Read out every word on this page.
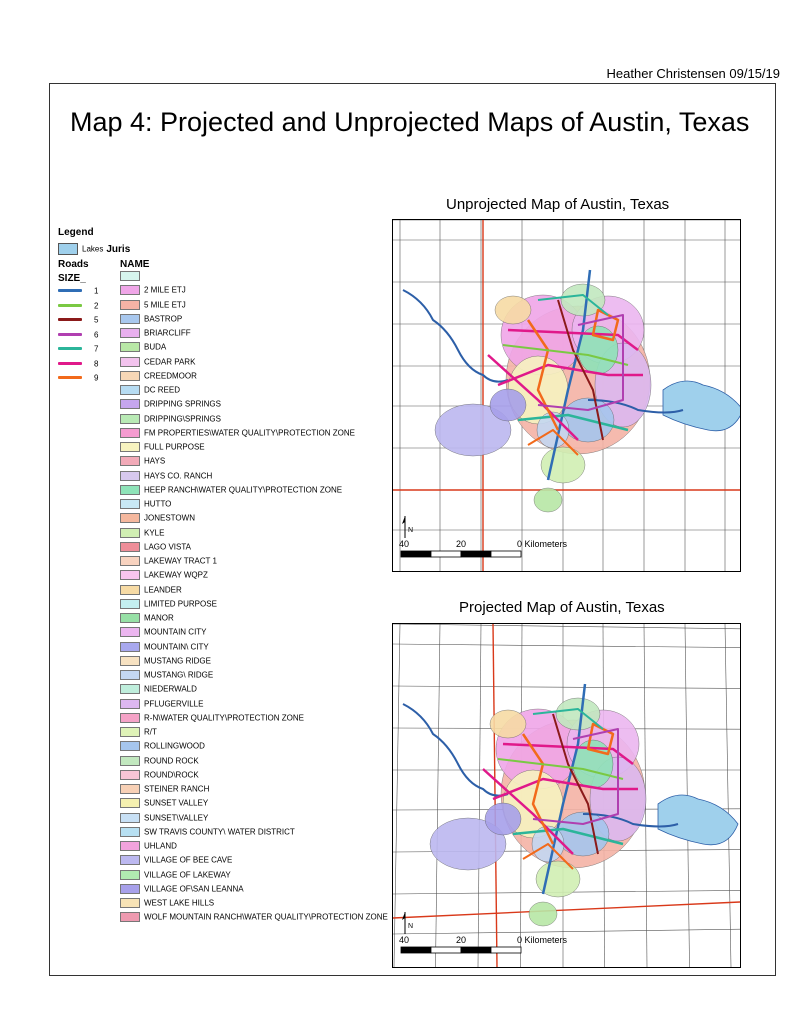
Heather Christensen 09/15/19
Map 4: Projected and Unprojected Maps of Austin, Texas
Legend
Lakes Juris
Roads
SIZE_
NAME
1
2
5
6
7
8
9
2 MILE ETJ
5 MILE ETJ
BASTROP
BRIARCLIFF
BUDA
CEDAR PARK
CREEDMOOR
DC REED
DRIPPING SPRINGS
DRIPPING\SPRINGS
FM PROPERTIES\WATER QUALITY\PROTECTION ZONE
FULL PURPOSE
HAYS
HAYS CO. RANCH
HEEP RANCH\WATER QUALITY\PROTECTION ZONE
HUTTO
JONESTOWN
KYLE
LAGO VISTA
LAKEWAY TRACT 1
LAKEWAY WQPZ
LEANDER
LIMITED PURPOSE
MANOR
MOUNTAIN CITY
MOUNTAIN\ CITY
MUSTANG RIDGE
MUSTANG\ RIDGE
NIEDERWALD
PFLUGERVILLE
R-N\WATER QUALITY\PROTECTION ZONE
R/T
ROLLINGWOOD
ROUND ROCK
ROUND\ROCK
STEINER RANCH
SUNSET VALLEY
SUNSET\VALLEY
SW TRAVIS COUNTY\ WATER DISTRICT
UHLAND
VILLAGE OF BEE CAVE
VILLAGE OF LAKEWAY
VILLAGE OF\SAN LEANNA
WEST LAKE HILLS
WOLF MOUNTAIN RANCH\WATER QUALITY\PROTECTION ZONE
Unprojected Map of Austin, Texas
N
40	20	0 Kilometers
Projected Map of Austin, Texas
N
40	20	0 Kilometers
